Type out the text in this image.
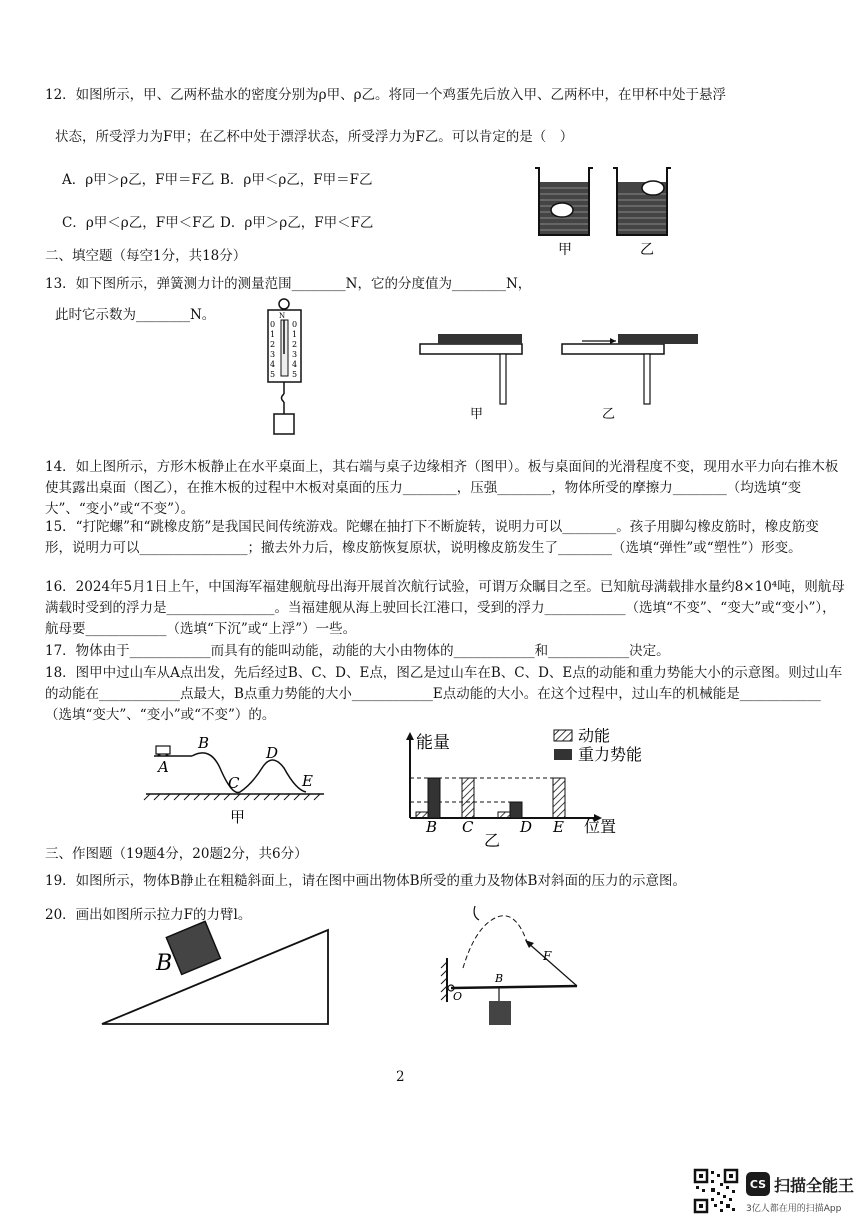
12．如图所示，甲、乙两杯盐水的密度分别为ρ甲、ρ乙。将同一个鸡蛋先后放入甲、乙两杯中，在甲杯中处于悬浮
状态，所受浮力为F甲；在乙杯中处于漂浮状态，所受浮力为F乙。可以肯定的是（　）
A．ρ甲＞ρ乙，F甲＝F乙 B．ρ甲＜ρ乙，F甲＝F乙
C．ρ甲＜ρ乙，F甲＜F乙 D．ρ甲＞ρ乙，F甲＜F乙
甲	乙
二、填空题（每空1分，共18分）
13．如下图所示，弹簧测力计的测量范围________N，它的分度值为________N，
此时它示数为________N。	N
0
1
2
3
4
5
0
1
2
3
4
5
甲	乙
14．如上图所示，方形木板静止在水平桌面上，其右端与桌子边缘相齐（图甲）。板与桌面间的光滑程度不变，现用水平力向右推木板使其露出桌面（图乙），在推木板的过程中木板对桌面的压力________，压强________，物体所受的摩擦力________（均选填“变大”、“变小”或“不变”）。
15．“打陀螺”和“跳橡皮筋”是我国民间传统游戏。陀螺在抽打下不断旋转，说明力可以________。孩子用脚勾橡皮筋时，橡皮筋变形，说明力可以________________；撤去外力后，橡皮筋恢复原状，说明橡皮筋发生了________（选填“弹性”或“塑性”）形变。
16．2024年5月1日上午，中国海军福建舰航母出海开展首次航行试验，可谓万众瞩目之至。已知航母满载排水量约8×10⁴吨，则航母满载时受到的浮力是________________。当福建舰从海上驶回长江港口，受到的浮力____________（选填“不变”、“变大”或“变小”），航母要____________（选填“下沉”或“上浮”）一些。
17．物体由于____________而具有的能叫动能，动能的大小由物体的____________和____________决定。
18．图甲中过山车从A点出发，先后经过B、C、D、E点，图乙是过山车在B、C、D、E点的动能和重力势能大小的示意图。则过山车的动能在____________点最大，B点重力势能的大小____________E点动能的大小。在这个过程中，过山车的机械能是____________（选填“变大”、“变小”或“不变”）的。
B
A
C
D
E
甲
能量
位置
动能
重力势能
B C	D E
乙
三、作图题（19题4分，20题2分，共6分）
19．如图所示，物体B静止在粗糙斜面上，请在图中画出物体B所受的重力及物体B对斜面的压力的示意图。
20．画出如图所示拉力F的力臂l。
B
B
F
O
2
CS 扫描全能王
3亿人都在用的扫描App
